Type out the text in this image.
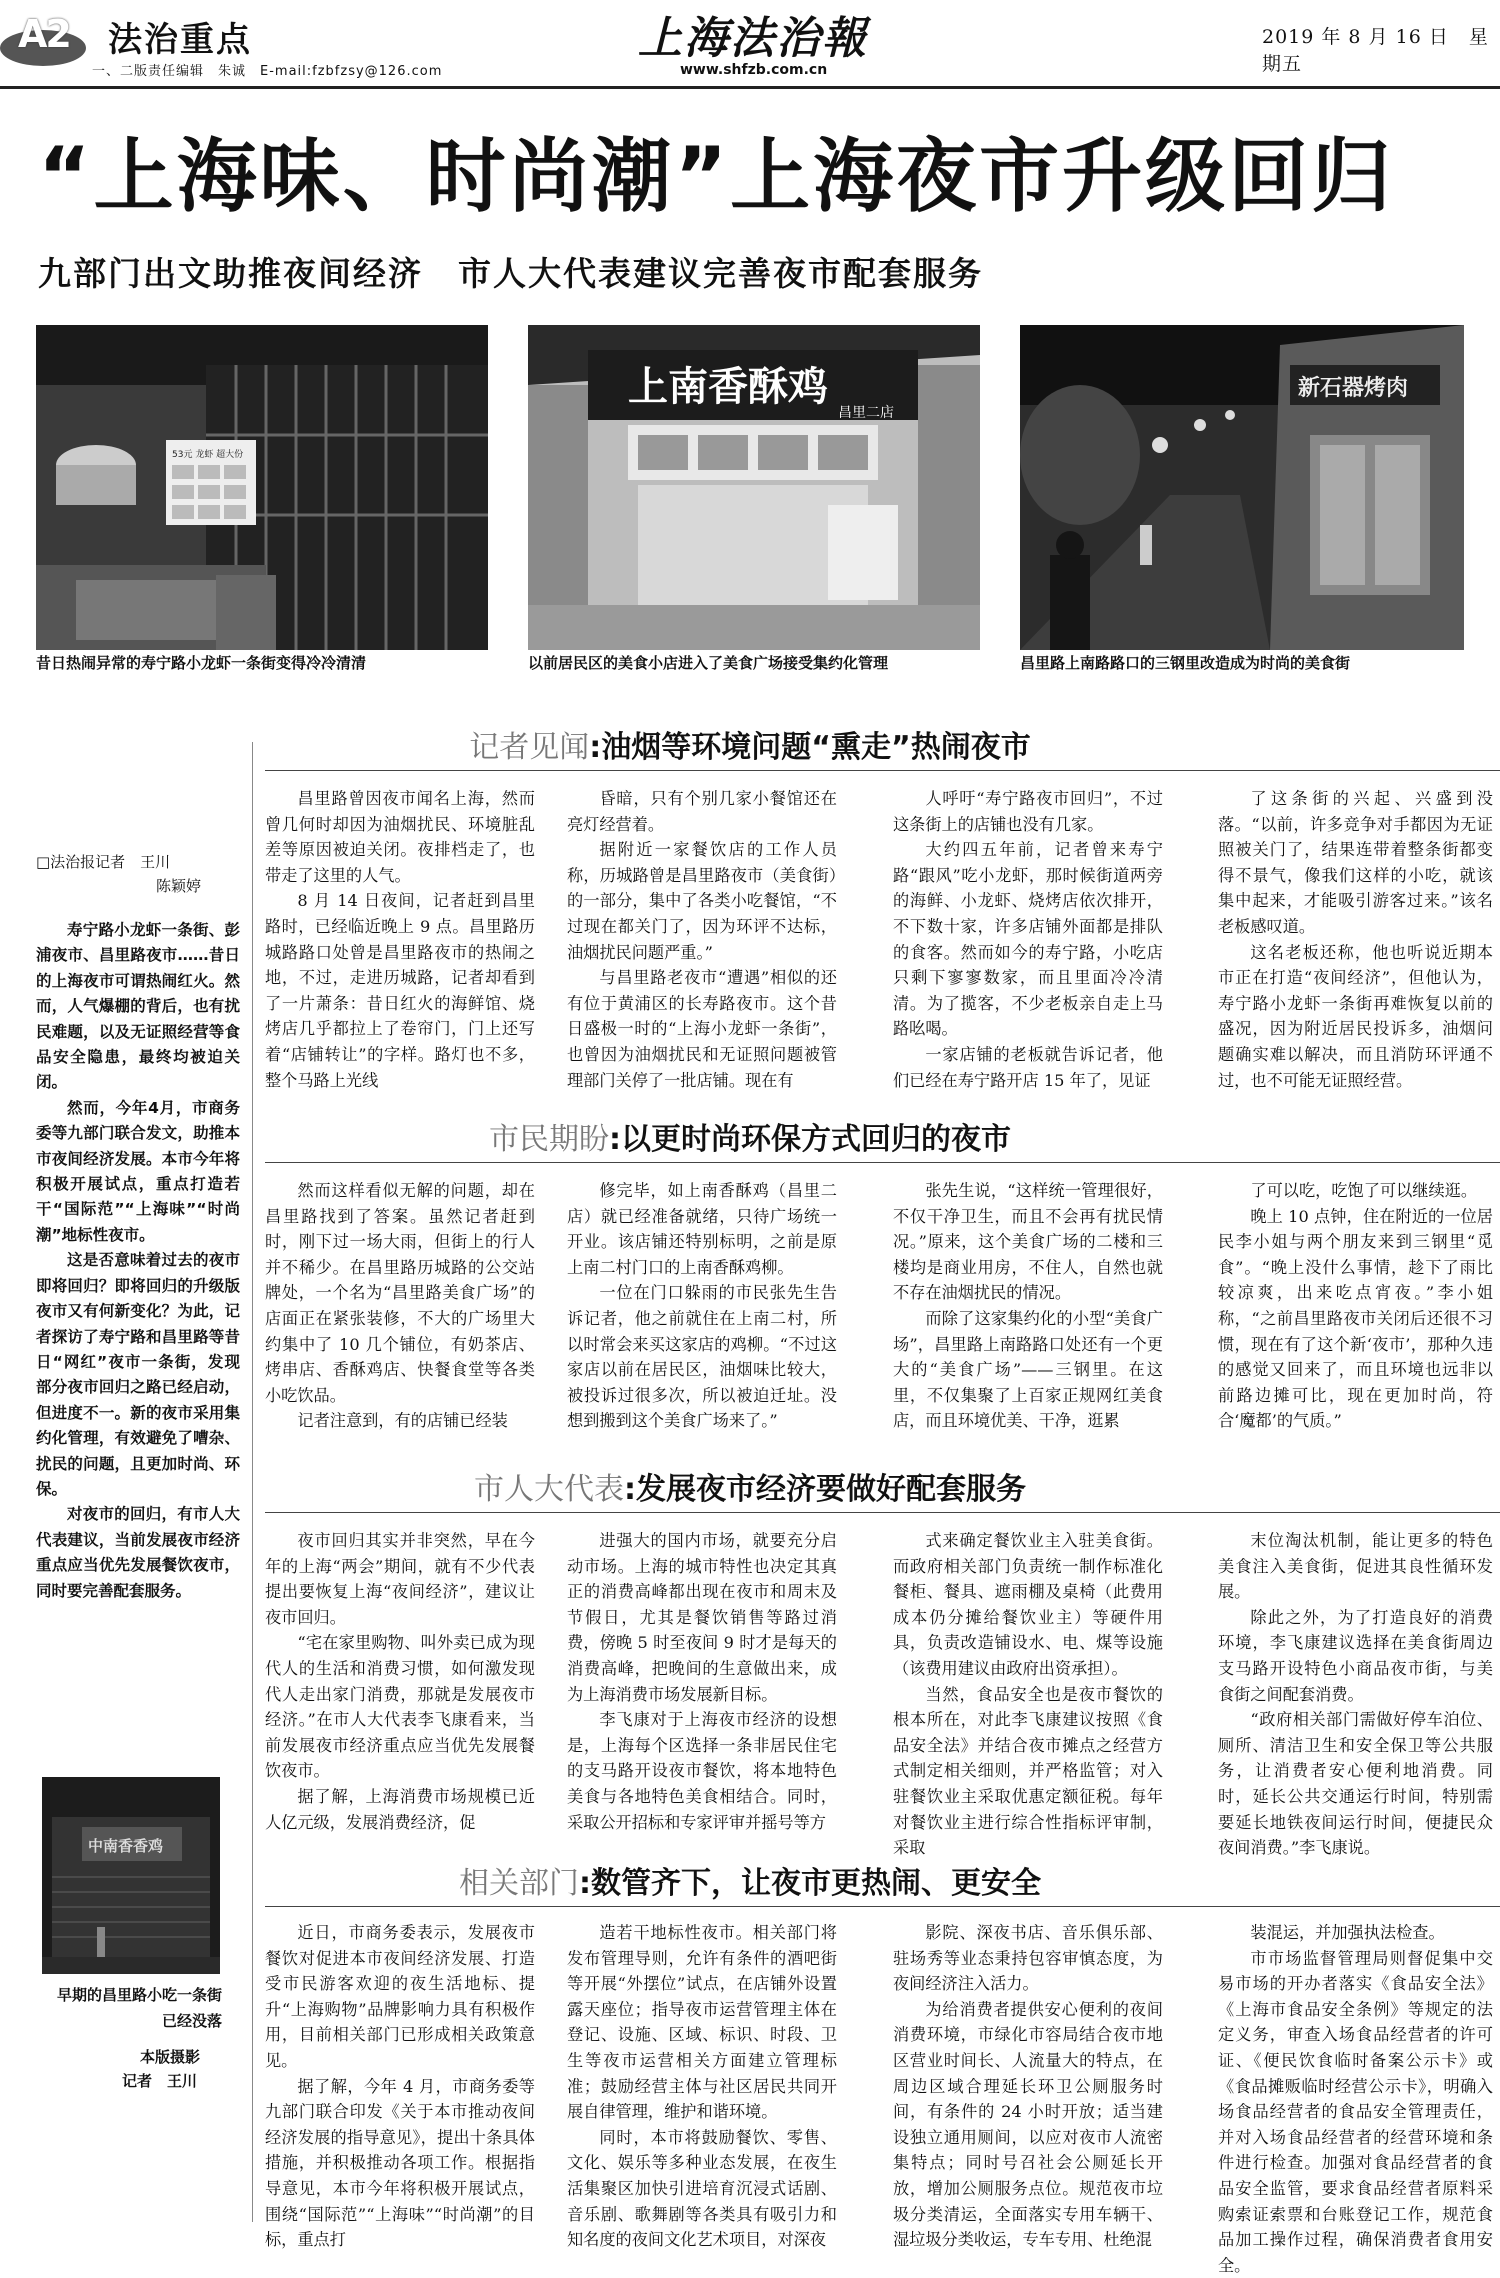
A2 法治重点
一、二版责任编辑　朱诚　E-mail:fzbfzsy@126.com
上海法治報
www.shfzb.com.cn
2019 年 8 月 16 日　星期五
“上海味、时尚潮”上海夜市升级回归
九部门出文助推夜间经济　市人大代表建议完善夜市配套服务
53元 龙虾 超大份
昔日热闹异常的寿宁路小龙虾一条街变得冷冷清清
上南香酥鸡
昌里二店
以前居民区的美食小店进入了美食广场接受集约化管理
新石器烤肉
昌里路上南路路口的三钢里改造成为时尚的美食街
□法治报记者　王川
陈颖婷

寿宁路小龙虾一条街、彭浦夜市、昌里路夜市……昔日的上海夜市可谓热闹红火。然而，人气爆棚的背后，也有扰民难题，以及无证照经营等食品安全隐患，最终均被迫关闭。

然而，今年4月，市商务委等九部门联合发文，助推本市夜间经济发展。本市今年将积极开展试点，重点打造若干“国际范”“上海味”“时尚潮”地标性夜市。

这是否意味着过去的夜市即将回归？即将回归的升级版夜市又有何新变化？为此，记者探访了寿宁路和昌里路等昔日“网红”夜市一条街，发现部分夜市回归之路已经启动，但进度不一。新的夜市采用集约化管理，有效避免了嘈杂、扰民的问题，且更加时尚、环保。

对夜市的回归，有市人大代表建议，当前发展夜市经济重点应当优先发展餐饮夜市，同时要完善配套服务。

中南香香鸡
早期的昌里路小吃一条街已经没落
本版摄影
记者　王川
记者见闻:油烟等环境问题“熏走”热闹夜市

昌里路曾因夜市闻名上海，然而曾几何时却因为油烟扰民、环境脏乱差等原因被迫关闭。夜排档走了，也带走了这里的人气。

8 月 14 日夜间，记者赶到昌里路时，已经临近晚上 9 点。昌里路历城路路口处曾是昌里路夜市的热闹之地，不过，走进历城路，记者却看到了一片萧条：昔日红火的海鲜馆、烧烤店几乎都拉上了卷帘门，门上还写着“店铺转让”的字样。路灯也不多，整个马路上光线

昏暗，只有个别几家小餐馆还在亮灯经营着。

据附近一家餐饮店的工作人员称，历城路曾是昌里路夜市（美食街）的一部分，集中了各类小吃餐馆，“不过现在都关门了，因为环评不达标，油烟扰民问题严重。”

与昌里路老夜市“遭遇”相似的还有位于黄浦区的长寿路夜市。这个昔日盛极一时的“上海小龙虾一条街”，也曾因为油烟扰民和无证照问题被管理部门关停了一批店铺。现在有

人呼吁“寿宁路夜市回归”，不过这条街上的店铺也没有几家。

大约四五年前，记者曾来寿宁路“跟风”吃小龙虾，那时候街道两旁的海鲜、小龙虾、烧烤店依次排开，不下数十家，许多店铺外面都是排队的食客。然而如今的寿宁路，小吃店只剩下寥寥数家，而且里面冷冷清清。为了揽客，不少老板亲自走上马路吆喝。

一家店铺的老板就告诉记者，他们已经在寿宁路开店 15 年了，见证

了这条街的兴起、兴盛到没落。“以前，许多竞争对手都因为无证照被关门了，结果连带着整条街都变得不景气，像我们这样的小吃，就该集中起来，才能吸引游客过来。”该名老板感叹道。

这名老板还称，他也听说近期本市正在打造“夜间经济”，但他认为，寿宁路小龙虾一条街再难恢复以前的盛况，因为附近居民投诉多，油烟问题确实难以解决，而且消防环评通不过，也不可能无证照经营。

市民期盼:以更时尚环保方式回归的夜市

然而这样看似无解的问题，却在昌里路找到了答案。虽然记者赶到时，刚下过一场大雨，但街上的行人并不稀少。在昌里路历城路的公交站牌处，一个名为“昌里路美食广场”的店面正在紧张装修，不大的广场里大约集中了 10 几个铺位，有奶茶店、烤串店、香酥鸡店、快餐食堂等各类小吃饮品。

记者注意到，有的店铺已经装

修完毕，如上南香酥鸡（昌里二店）就已经准备就绪，只待广场统一开业。该店铺还特别标明，之前是原上南二村门口的上南香酥鸡柳。

一位在门口躲雨的市民张先生告诉记者，他之前就住在上南二村，所以时常会来买这家店的鸡柳。“不过这家店以前在居民区，油烟味比较大，被投诉过很多次，所以被迫迁址。没想到搬到这个美食广场来了。”

张先生说，“这样统一管理很好，不仅干净卫生，而且不会再有扰民情况。”原来，这个美食广场的二楼和三楼均是商业用房，不住人，自然也就不存在油烟扰民的情况。

而除了这家集约化的小型“美食广场”，昌里路上南路路口处还有一个更大的“美食广场”——三钢里。在这里，不仅集聚了上百家正规网红美食店，而且环境优美、干净，逛累

了可以吃，吃饱了可以继续逛。

晚上 10 点钟，住在附近的一位居民李小姐与两个朋友来到三钢里“觅食”。“晚上没什么事情，趁下了雨比较凉爽，出来吃点宵夜。”李小姐称，“之前昌里路夜市关闭后还很不习惯，现在有了这个新‘夜市’，那种久违的感觉又回来了，而且环境也远非以前路边摊可比，现在更加时尚，符合‘魔都’的气质。”

市人大代表:发展夜市经济要做好配套服务

夜市回归其实并非突然，早在今年的上海“两会”期间，就有不少代表提出要恢复上海“夜间经济”，建议让夜市回归。

“宅在家里购物、叫外卖已成为现代人的生活和消费习惯，如何激发现代人走出家门消费，那就是发展夜市经济。”在市人大代表李飞康看来，当前发展夜市经济重点应当优先发展餐饮夜市。

据了解，上海消费市场规模已近人亿元级，发展消费经济，促

进强大的国内市场，就要充分启动市场。上海的城市特性也决定其真正的消费高峰都出现在夜市和周末及节假日，尤其是餐饮销售等路过消费，傍晚 5 时至夜间 9 时才是每天的消费高峰，把晚间的生意做出来，成为上海消费市场发展新目标。

李飞康对于上海夜市经济的设想是，上海每个区选择一条非居民住宅的支马路开设夜市餐饮，将本地特色美食与各地特色美食相结合。同时，采取公开招标和专家评审并摇号等方

式来确定餐饮业主入驻美食街。而政府相关部门负责统一制作标准化餐柜、餐具、遮雨棚及桌椅（此费用成本仍分摊给餐饮业主）等硬件用具，负责改造铺设水、电、煤等设施（该费用建议由政府出资承担）。

当然，食品安全也是夜市餐饮的根本所在，对此李飞康建议按照《食品安全法》并结合夜市摊点之经营方式制定相关细则，并严格监管；对入驻餐饮业主采取优惠定额征税。每年对餐饮业主进行综合性指标评审制，采取

末位淘汰机制，能让更多的特色美食注入美食街，促进其良性循环发展。

除此之外，为了打造良好的消费环境，李飞康建议选择在美食街周边支马路开设特色小商品夜市街，与美食街之间配套消费。

“政府相关部门需做好停车泊位、厕所、清洁卫生和安全保卫等公共服务，让消费者安心便利地消费。同时，延长公共交通运行时间，特别需要延长地铁夜间运行时间，便捷民众夜间消费。”李飞康说。

相关部门:数管齐下，让夜市更热闹、更安全

近日，市商务委表示，发展夜市餐饮对促进本市夜间经济发展、打造受市民游客欢迎的夜生活地标、提升“上海购物”品牌影响力具有积极作用，目前相关部门已形成相关政策意见。

据了解，今年 4 月，市商务委等九部门联合印发《关于本市推动夜间经济发展的指导意见》，提出十条具体措施，并积极推动各项工作。根据指导意见，本市今年将积极开展试点，围绕“国际范”“上海味”“时尚潮”的目标，重点打

造若干地标性夜市。相关部门将发布管理导则，允许有条件的酒吧街等开展“外摆位”试点，在店铺外设置露天座位；指导夜市运营管理主体在登记、设施、区域、标识、时段、卫生等夜市运营相关方面建立管理标准；鼓励经营主体与社区居民共同开展自律管理，维护和谐环境。

同时，本市将鼓励餐饮、零售、文化、娱乐等多种业态发展，在夜生活集聚区加快引进培育沉浸式话剧、音乐剧、歌舞剧等各类具有吸引力和知名度的夜间文化艺术项目，对深夜

影院、深夜书店、音乐俱乐部、驻场秀等业态秉持包容审慎态度，为夜间经济注入活力。

为给消费者提供安心便利的夜间消费环境，市绿化市容局结合夜市地区营业时间长、人流量大的特点，在周边区域合理延长环卫公厕服务时间，有条件的 24 小时开放；适当建设独立通用厕间，以应对夜市人流密集特点；同时号召社会公厕延长开放，增加公厕服务点位。规范夜市垃圾分类清运，全面落实专用车辆干、湿垃圾分类收运，专车专用、杜绝混

装混运，并加强执法检查。

市市场监督管理局则督促集中交易市场的开办者落实《食品安全法》《上海市食品安全条例》等规定的法定义务，审查入场食品经营者的许可证、《便民饮食临时备案公示卡》或《食品摊贩临时经营公示卡》，明确入场食品经营者的食品安全管理责任，并对入场食品经营者的经营环境和条件进行检查。加强对食品经营者的食品安全监管，要求食品经营者原料采购索证索票和台账登记工作，规范食品加工操作过程，确保消费者食用安全。
